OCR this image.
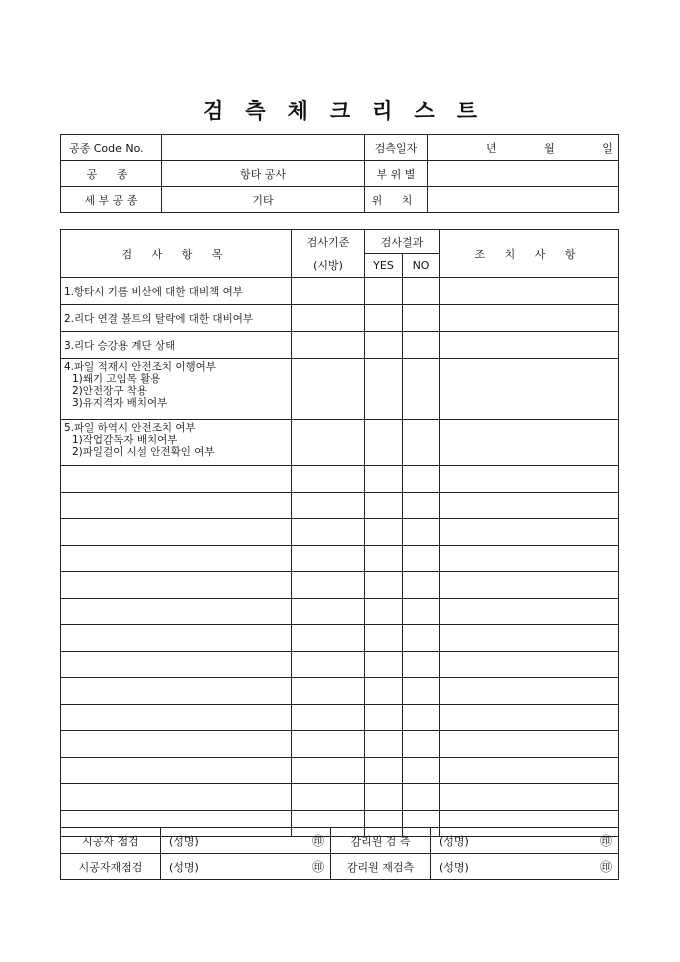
검측체크리스트
공종 Code No.		검측일자	년 월 일
공 종	항타 공사	부 위 별	
세 부 공 종	기타	위 치	
검 사 항 목	검사기준	검사결과		조 치 사 항
	(시방)	YES	NO	
1.항타시 기름 비산에 대한 대비책 여부				
2.리다 연결 볼트의 탈락에 대한 대비여부				
3.리다 승강용 계단 상태				

4.파일 적재시 안전조치 이행여부
1)쐐기 고임목 활용
2)안전장구 착용
3)유지격자 배치여부				

5.파일 하역시 안전조치 여부
1)작업감독자 배치여부
2)파일걸이 시설 안전확인 여부				

시공자 점검	(성명)	㊞	감리원 검 측	(성명)	㊞
시공자재점검	(성명)	㊞	감리원 재검측	(성명)	㊞
